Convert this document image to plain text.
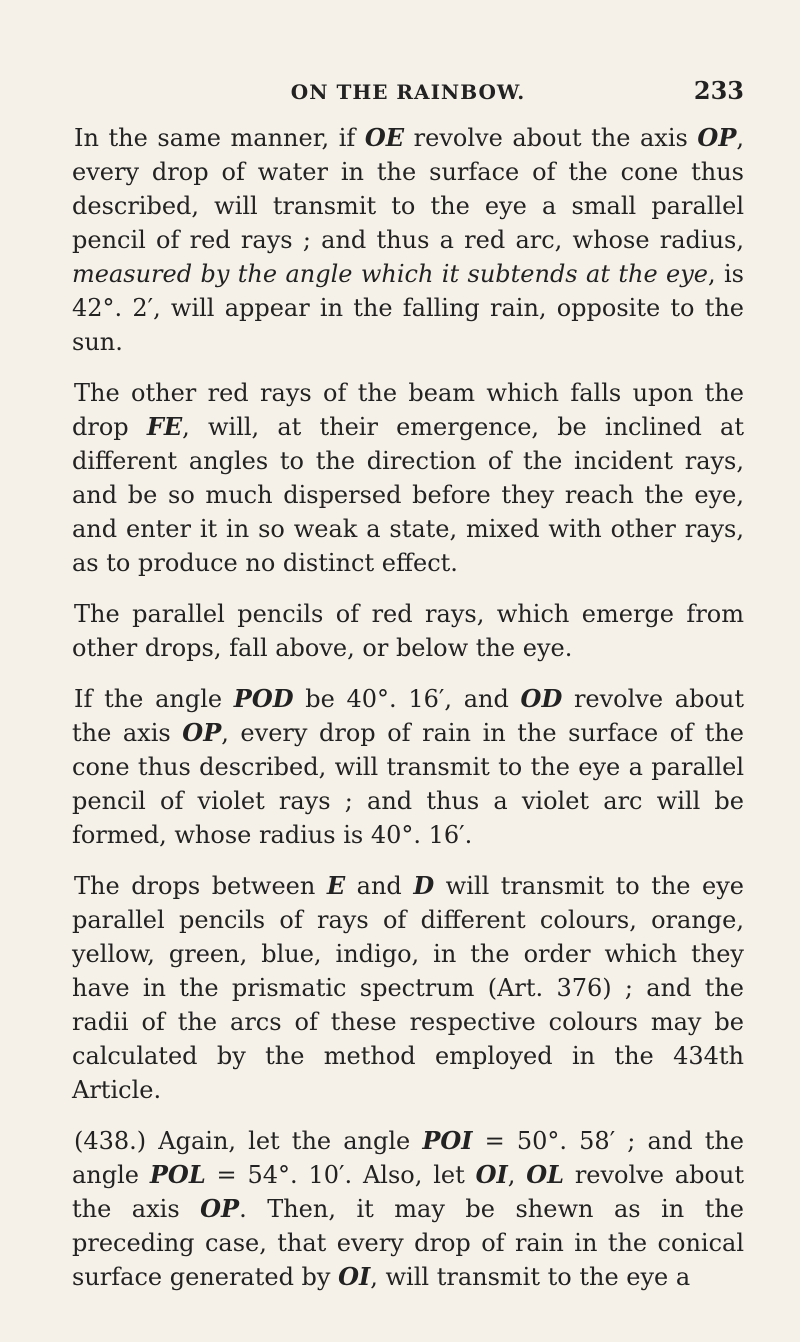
ON THE RAINBOW.	233

In the same manner, if OE revolve about the axis OP, every drop of water in the surface of the cone thus described, will transmit to the eye a small parallel pencil of red rays ; and thus a red arc, whose radius, measured by the angle which it subtends at the eye, is 42°. 2′, will appear in the falling rain, opposite to the sun.

The other red rays of the beam which falls upon the drop FE, will, at their emergence, be inclined at different angles to the direction of the incident rays, and be so much dispersed before they reach the eye, and enter it in so weak a state, mixed with other rays, as to produce no distinct effect.

The parallel pencils of red rays, which emerge from other drops, fall above, or below the eye.

If the angle POD be 40°. 16′, and OD revolve about the axis OP, every drop of rain in the surface of the cone thus described, will transmit to the eye a parallel pencil of violet rays ; and thus a violet arc will be formed, whose radius is 40°. 16′.

The drops between E and D will transmit to the eye parallel pencils of rays of different colours, orange, yellow, green, blue, indigo, in the order which they have in the prismatic spectrum (Art. 376) ; and the radii of the arcs of these respective colours may be calculated by the method employed in the 434th Article.

(438.) Again, let the angle POI = 50°. 58′ ; and the angle POL = 54°. 10′. Also, let OI, OL revolve about the axis OP. Then, it may be shewn as in the preceding case, that every drop of rain in the conical surface generated by OI, will transmit to the eye a
